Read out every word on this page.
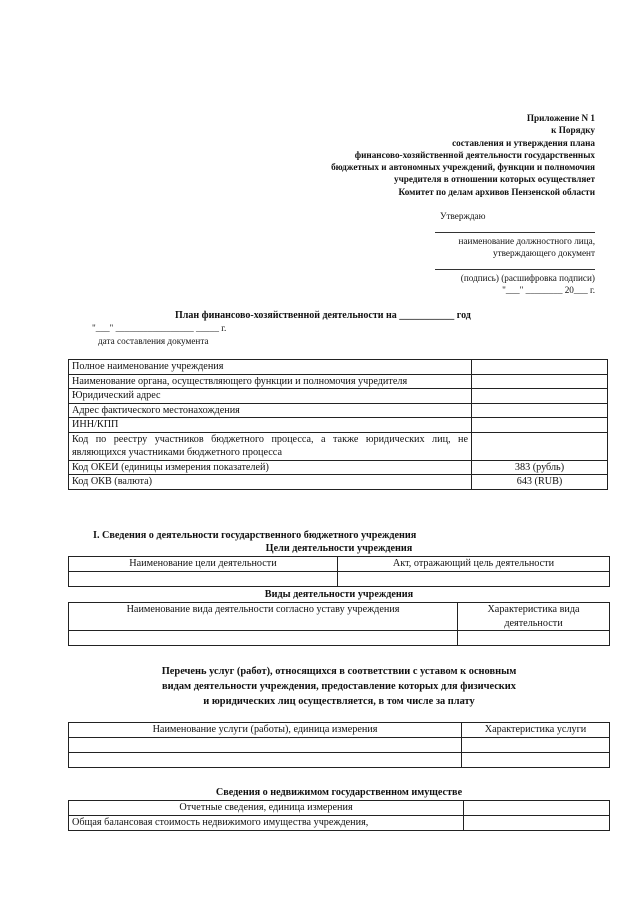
Приложение N 1
к Порядку
составления и утверждения плана
финансово-хозяйственной деятельности государственных
бюджетных и автономных учреждений, функции и полномочия
учредителя в отношении которых осуществляет
Комитет по делам архивов Пензенской области
Утверждаю
наименование должностного лица,
утверждающего документ
(подпись) (расшифровка подписи)
"___" ________ 20___ г.
План финансово-хозяйственной деятельности на ___________ год
"___" _________________ _____ г.
дата составления документа
Полное наименование учреждения	
Наименование органа, осуществляющего функции и полномочия учредителя	
Юридический адрес	
Адрес фактического местонахождения	
ИНН/КПП	
Код по реестру участников бюджетного процесса, а также юридических лиц, не являющихся участниками бюджетного процесса	
Код ОКЕИ (единицы измерения показателей)	383 (рубль)
Код ОКВ (валюта)	643 (RUB)
I. Сведения о деятельности государственного бюджетного учреждения
Цели деятельности учреждения
Наименование цели деятельности	Акт, отражающий цель деятельности

Виды деятельности учреждения
Наименование вида деятельности согласно уставу учреждения	Характеристика вида деятельности

Перечень услуг (работ), относящихся в соответствии с уставом к основным
видам деятельности учреждения, предоставление которых для физических
и юридических лиц осуществляется, в том числе за плату
Наименование услуги (работы), единица измерения	Характеристика услуги

Сведения о недвижимом государственном имуществе
Отчетные сведения, единица измерения	
Общая балансовая стоимость недвижимого имущества учреждения,	
